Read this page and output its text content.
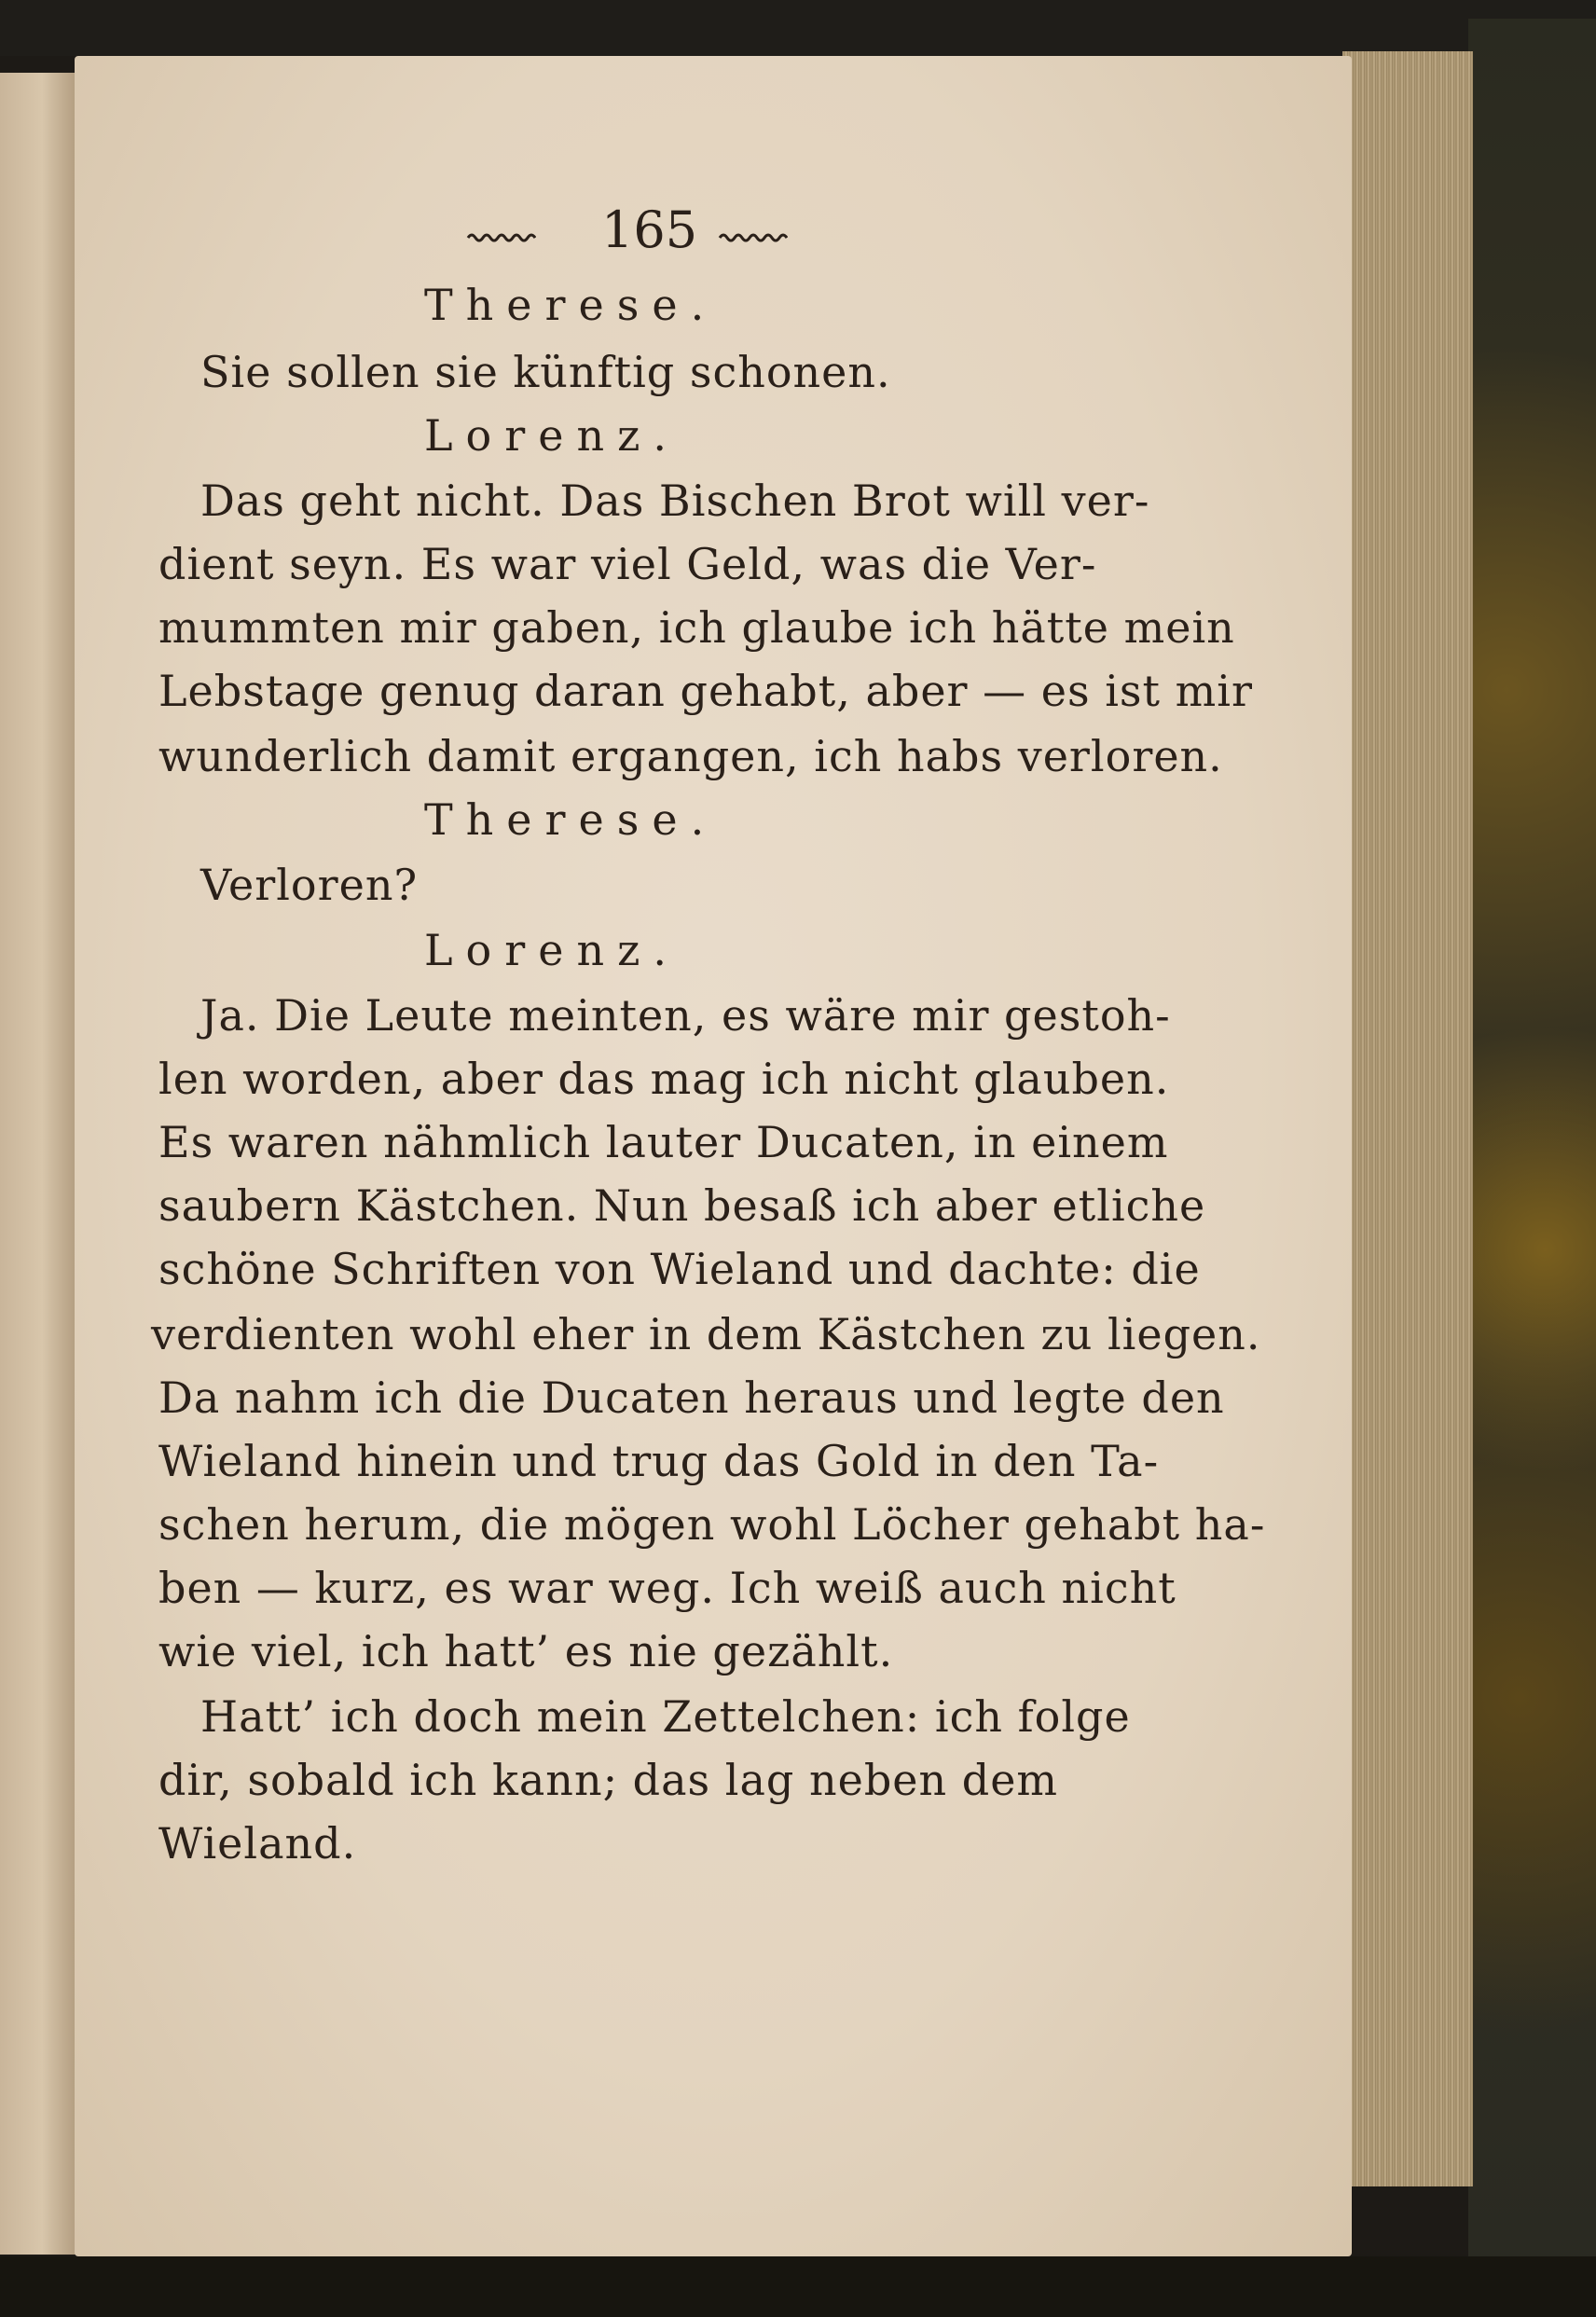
165
Therese.
Sie sollen sie künftig schonen.
Lorenz.
Das geht nicht. Das Bischen Brot will ver-
dient seyn. Es war viel Geld, was die Ver-
mummten mir gaben, ich glaube ich hätte mein
Lebstage genug daran gehabt, aber — es ist mir
wunderlich damit ergangen, ich habs verloren.
Therese.
Verloren?
Lorenz.
Ja. Die Leute meinten, es wäre mir gestoh-
len worden, aber das mag ich nicht glauben.
Es waren nähmlich lauter Ducaten, in einem
saubern Kästchen. Nun besaß ich aber etliche
schöne Schriften von Wieland und dachte: die
verdienten wohl eher in dem Kästchen zu liegen.
Da nahm ich die Ducaten heraus und legte den
Wieland hinein und trug das Gold in den Ta-
schen herum, die mögen wohl Löcher gehabt ha-
ben — kurz, es war weg. Ich weiß auch nicht
wie viel, ich hatt’ es nie gezählt.
Hatt’ ich doch mein Zettelchen: ich folge
dir, sobald ich kann; das lag neben dem
Wieland.
